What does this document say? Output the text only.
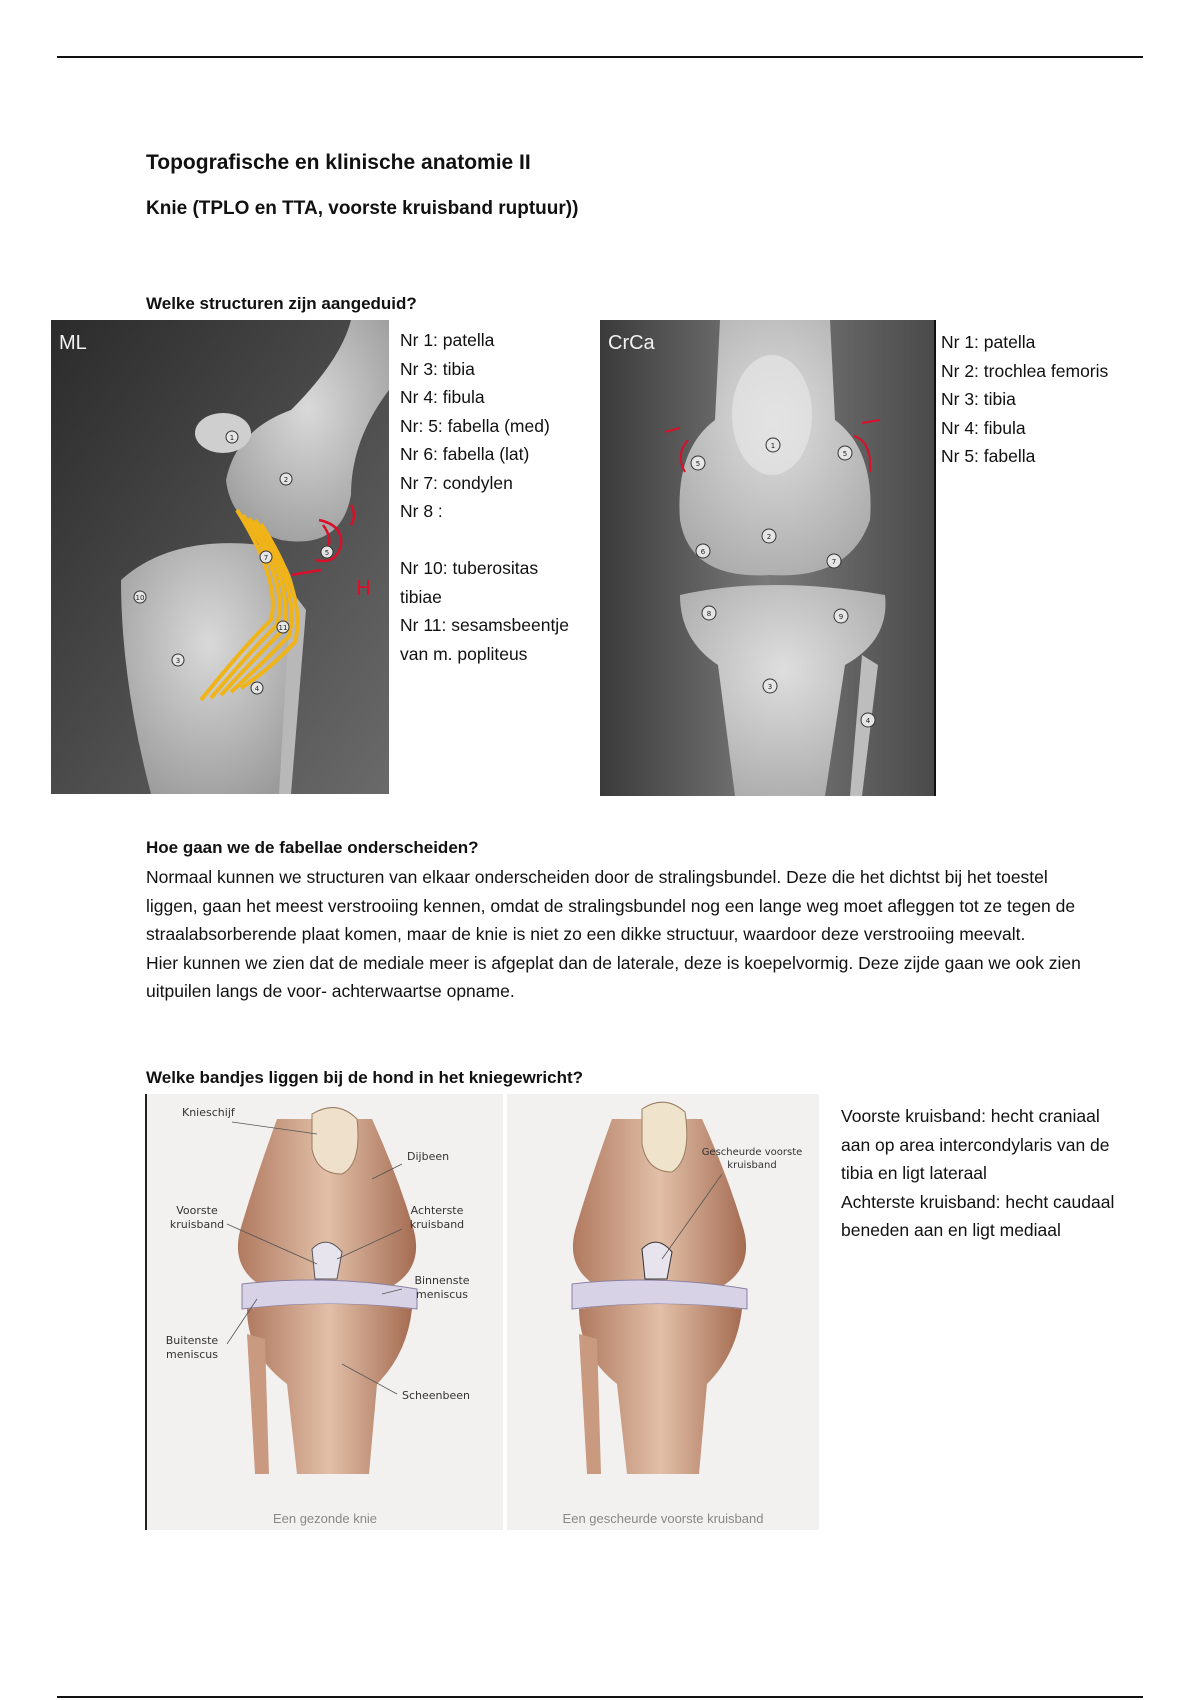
Topografische en klinische anatomie II
Knie (TPLO en TTA, voorste kruisband ruptuur))
Welke structuren zijn aangeduid?
H
1
2
3
4
5
7
10
11
ML	Nr 1: patella
Nr 3: tibia
Nr 4: fibula
Nr: 5: fabella (med)
Nr 6: fabella (lat)
Nr 7: condylen
Nr 8 :
Nr 10: tuberositas
tibiae
Nr 11: sesamsbeentje
van m. popliteus
1
2
3
4
5
5
6
7
8	9
CrCa	Nr 1: patella
Nr 2: trochlea femoris
Nr 3: tibia
Nr 4: fibula
Nr 5: fabella
Hoe gaan we de fabellae onderscheiden?

Normaal kunnen we structuren van elkaar onderscheiden door de stralingsbundel. Deze die het dichtst bij het toestel liggen, gaan het meest verstrooiing kennen, omdat de stralingsbundel nog een lange weg moet afleggen tot ze tegen de straalabsorberende plaat komen, maar de knie is niet zo een dikke structuur, waardoor deze verstrooiing meevalt.

Hier kunnen we zien dat de mediale meer is afgeplat dan de laterale, deze is koepelvormig. Deze zijde gaan we ook zien uitpuilen langs de voor- achterwaartse opname.

Welke bandjes liggen bij de hond in het kniegewricht?
Knieschijf
Dijbeen
Voorste kruisband
Achterste kruisband
Binnenste meniscus
Buitenste meniscus
Scheenbeen
Een gezonde knie
Gescheurde voorste kruisband
Een gescheurde voorste kruisband
Voorste kruisband: hecht craniaal
aan op area intercondylaris van de
tibia en ligt lateraal
Achterste kruisband: hecht caudaal
beneden aan en ligt mediaal
